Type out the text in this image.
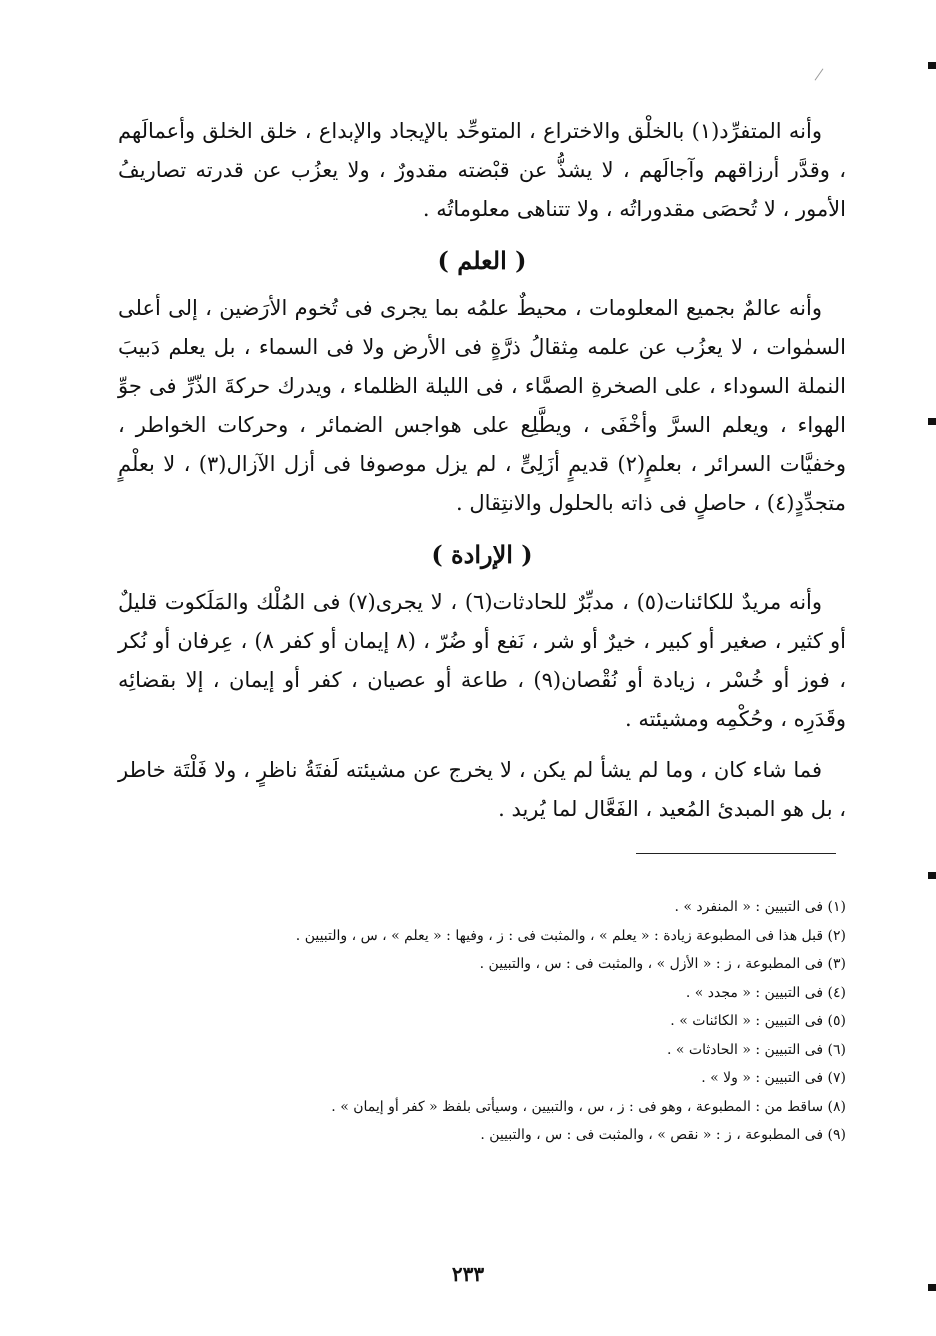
وأنه المتفرِّد(١) بالخلْق والاختراع ، المتوحِّد بالإيجاد والإبداع ، خلق الخلق وأعمالَهم ، وقدَّر أرزاقهم وآجالَهم ، لا يشذُّ عن قبْضته مقدورٌ ، ولا يعزُب عن قدرته تصاريفُ الأمور ، لا تُحصَى مقدوراتُه ، ولا تتناهى معلوماتُه .

( العلم )

وأنه عالمٌ بجميع المعلومات ، محيطٌ علمُه بما يجرى فى تُخوم الأرَضين ، إلى أعلى السمٰوات ، لا يعزُب عن علمه مِثقالُ ذرَّةٍ فى الأرض ولا فى السماء ، بل يعلم دَبيبَ النملة السوداء ، على الصخرةِ الصمَّاء ، فى الليلة الظلماء ، ويدرك حركةَ الذّرِّ فى جوِّ الهواء ، ويعلم السرَّ وأخْفَى ، ويطَّلِع على هواجس الضمائر ، وحركات الخواطر ، وخفيَّات السرائر ، بعلمٍ(٢) قديمٍ أزَلِىٍّ ، لم يزل موصوفا فى أزل الآزال(٣) ، لا بعلْمٍ متجدِّدٍ(٤) ، حاصلٍ فى ذاته بالحلول والانتِقال .

( الإرادة )

وأنه مريدٌ للكائنات(٥) ، مدبِّرٌ للحادثات(٦) ، لا يجرى(٧) فى المُلْك والمَلَكوت قليلٌ أو كثير ، صغير أو كبير ، خيرٌ أو شر ، نَفع أو ضُرّ ، (٨ إيمان أو كفر ٨) ، عِرفان أو نُكر ، فوز أو خُسْر ، زيادة أو نُقْصان(٩) ، طاعة أو عصيان ، كفر أو إيمان ، إلا بقضائِه وقَدَرِه ، وحُكْمِه ومشيئته .

فما شاء كان ، وما لم يشأ لم يكن ، لا يخرج عن مشيئته لَفتَةُ ناظرٍ ، ولا فَلْتَة خاطر ، بل هو المبدئ المُعيد ، الفَعَّال لما يُريد .

(١) فى التبيين : « المنفرد » .
(٢) قبل هذا فى المطبوعة زيادة : « يعلم » ، والمثبت فى : ز ، وفيها : « يعلم » ، س ، والتبيين .
(٣) فى المطبوعة ، ز : « الأزل » ، والمثبت فى : س ، والتبيين .
(٤) فى التبيين : « مجدد » .
(٥) فى التبيين : « الكائنات » .
(٦) فى التبيين : « الحادثات » .
(٧) فى التبيين : « ولا » .
(٨) ساقط من : المطبوعة ، وهو فى : ز ، س ، والتبيين ، وسيأتى بلفظ « كفر أو إيمان » .
(٩) فى المطبوعة ، ز : « نقص » ، والمثبت فى : س ، والتبيين .
٢٣٣
